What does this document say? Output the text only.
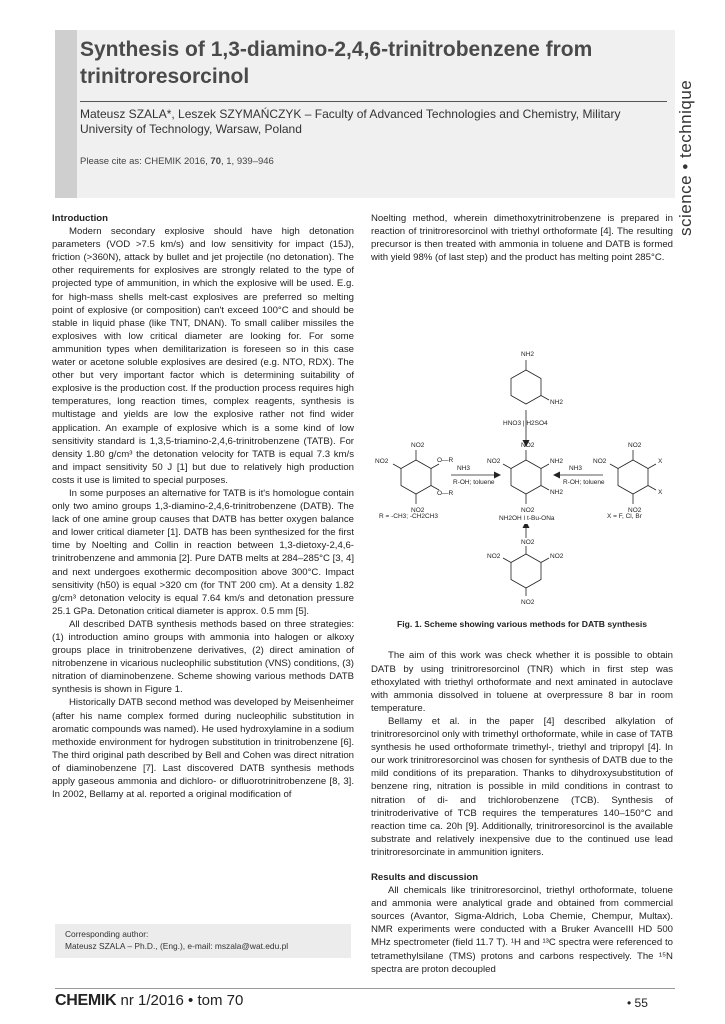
Synthesis of 1,3-diamino-2,4,6-trinitrobenzene from trinitroresorcinol
Mateusz SZALA*, Leszek SZYMAŃCZYK – Faculty of Advanced Technologies and Chemistry, Military University of Technology, Warsaw, Poland
Please cite as: CHEMIK 2016, 70, 1, 939–946	science • technique
Introduction

Modern secondary explosive should have high detonation parameters (VOD >7.5 km/s) and low sensitivity for impact (15J), friction (>360N), attack by bullet and jet projectile (no detonation). The other requirements for explosives are strongly related to the type of projected type of ammunition, in which the explosive will be used. E.g. for high-mass shells melt-cast explosives are preferred so melting point of explosive (or composition) can't exceed 100°C and should be stable in liquid phase (like TNT, DNAN). To small caliber missiles the explosives with low critical diameter are looking for. For some ammunition types when demilitarization is foreseen so in this case water or acetone soluble explosives are desired (e.g. NTO, RDX). The other but very important factor which is determining suitability of explosive is the production cost. If the production process requires high temperatures, long reaction times, complex reagents, synthesis is multistage and yields are low the explosive rather not find wider application. An example of explosive which is a some kind of low sensitivity standard is 1,3,5-triamino-2,4,6-trinitrobenzene (TATB). For density 1.80 g/cm³ the detonation velocity for TATB is equal 7.3 km/s and impact sensitivity 50 J [1] but due to relatively high production costs it use is limited to special purposes.

In some purposes an alternative for TATB is it's homologue contain only two amino groups 1,3-diamino-2,4,6-trinitrobenzene (DATB). The lack of one amine group causes that DATB has better oxygen balance and lower critical diameter [1]. DATB has been synthesized for the first time by Noelting and Collin in reaction between 1,3-dietoxy-2,4,6-trinitrobenzene and ammonia [2]. Pure DATB melts at 284–285°C [3, 4] and next undergoes exothermic decomposition above 300°C. Impact sensitivity (h50) is equal >320 cm (for TNT 200 cm). At a density 1.82 g/cm³ detonation velocity is equal 7.64 km/s and detonation pressure 25.1 GPa. Detonation critical diameter is approx. 0.5 mm [5].

All described DATB synthesis methods based on three strategies: (1) introduction amino groups with ammonia into halogen or alkoxy groups place in trinitrobenzene derivatives, (2) direct amination of nitrobenzene in vicarious nucleophilic substitution (VNS) conditions, (3) nitration of diaminobenzene. Scheme showing various methods DATB synthesis is shown in Figure 1.

Historically DATB second method was developed by Meisenheimer (after his name complex formed during nucleophilic substitution in aromatic compounds was named). He used hydroxylamine in a sodium methoxide environment for hydrogen substitution in trinitrobenzene [6]. The third original path described by Bell and Cohen was direct nitration of diaminobenzene [7]. Last discovered DATB synthesis methods apply gaseous ammonia and dichloro- or difluorotrinitrobenzene [8, 3]. In 2002, Bellamy at al. reported a original modification of

Noelting method, wherein dimethoxytrinitrobenzene is prepared in reaction of trinitroresorcinol with triethyl orthoformate [4]. The resulting precursor is then treated with ammonia in toluene and DATB is formed with yield 98% (of last step) and the product has melting point 285°C.

NH2
NH2
HNO3 | H2SO4
NO2
NH2
NH2
NO2
NO2
NH3
R-OH; toluene
NH3
R-OH; toluene
NO2
O—R
O—R
NO2
NO2
NO2
X
X
NO2
NO2
R = -CH3; -CH2CH3	X = F, Cl, Br
NH2OH | t-Bu-ONa
NO2
NO2
NO2
NO2
Fig. 1. Scheme showing various methods for DATB synthesis

The aim of this work was check whether it is possible to obtain DATB by using trinitroresorcinol (TNR) which in first step was ethoxylated with triethyl orthoformate and next aminated in autoclave with ammonia dissolved in toluene at overpressure 8 bar in room temperature.

Bellamy et al. in the paper [4] described alkylation of trinitroresorcinol only with trimethyl orthoformate, while in case of TATB synthesis he used orthoformate trimethyl-, triethyl and tripropyl [4]. In our work trinitroresorcinol was chosen for synthesis of DATB due to the mild conditions of its preparation. Thanks to dihydroxysubstitution of benzene ring, nitration is possible in mild conditions in contrast to nitration of di- and trichlorobenzene (TCB). Synthesis of trinitroderivative of TCB requires the temperatures 140–150°C and reaction time ca. 20h [9]. Additionally, trinitroresorcinol is the available substrate and relatively inexpensive due to the continued use lead trinitroresorcinate in ammunition igniters.

Results and discussion

All chemicals like trinitroresorcinol, triethyl orthoformate, toluene and ammonia were analytical grade and obtained from commercial sources (Avantor, Sigma-Aldrich, Loba Chemie, Chempur, Multax). NMR experiments were conducted with a Bruker AvanceIII HD 500 MHz spectrometer (field 11.7 T). ¹H and ¹³C spectra were referenced to tetramethylsilane (TMS) protons and carbons respectively. The ¹⁵N spectra are proton decoupled

Corresponding author:
Mateusz SZALA – Ph.D., (Eng.), e-mail: mszala@wat.edu.pl
CHEMIK nr 1/2016 • tom 70	• 55
